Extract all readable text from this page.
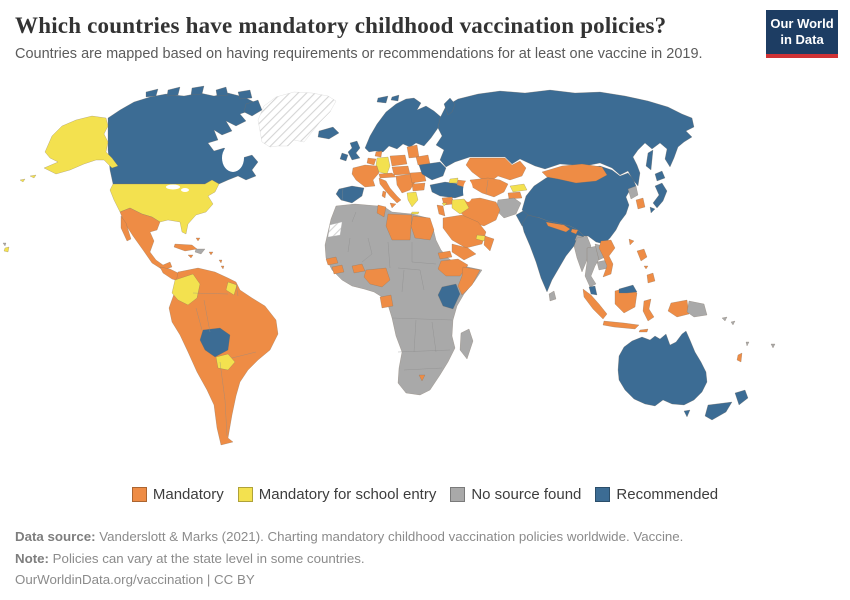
Which countries have mandatory childhood vaccination policies?

Countries are mapped based on having requirements or recommendations for at least one vaccine in 2019.

Our World
in Data
Mandatory Mandatory for school entry No source found Recommended
Data source: Vanderslott & Marks (2021). Charting mandatory childhood vaccination policies worldwide. Vaccine.
Note: Policies can vary at the state level in some countries.
OurWorldinData.org/vaccination | CC BY
